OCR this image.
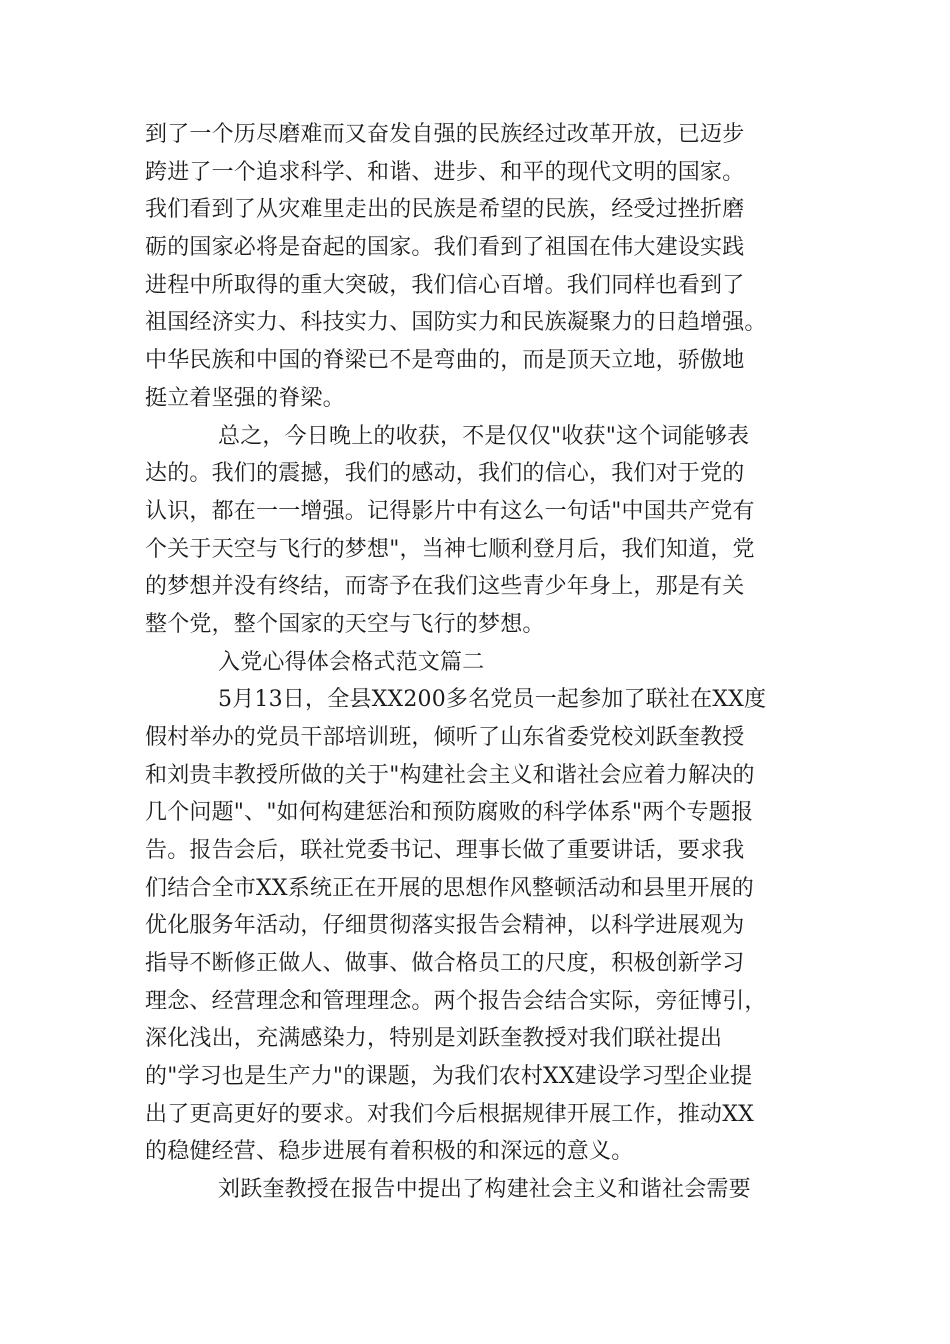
到了一个历尽磨难而又奋发自强的民族经过改革开放，已迈步
跨进了一个追求科学、和谐、进步、和平的现代文明的国家。
我们看到了从灾难里走出的民族是希望的民族，经受过挫折磨
砺的国家必将是奋起的国家。我们看到了祖国在伟大建设实践
进程中所取得的重大突破，我们信心百增。我们同样也看到了
祖国经济实力、科技实力、国防实力和民族凝聚力的日趋增强。
中华民族和中国的脊梁已不是弯曲的，而是顶天立地，骄傲地
挺立着坚强的脊梁。
总之，今日晚上的收获，不是仅仅"收获"这个词能够表
达的。我们的震撼，我们的感动，我们的信心，我们对于党的
认识，都在一一增强。记得影片中有这么一句话"中国共产党有
个关于天空与飞行的梦想"，当神七顺利登月后，我们知道，党
的梦想并没有终结，而寄予在我们这些青少年身上，那是有关
整个党，整个国家的天空与飞行的梦想。
入党心得体会格式范文篇二
5月13日，全县XX200多名党员一起参加了联社在XX度
假村举办的党员干部培训班，倾听了山东省委党校刘跃奎教授
和刘贵丰教授所做的关于"构建社会主义和谐社会应着力解决的
几个问题"、"如何构建惩治和预防腐败的科学体系"两个专题报
告。报告会后，联社党委书记、理事长做了重要讲话，要求我
们结合全市XX系统正在开展的思想作风整顿活动和县里开展的
优化服务年活动，仔细贯彻落实报告会精神，以科学进展观为
指导不断修正做人、做事、做合格员工的尺度，积极创新学习
理念、经营理念和管理理念。两个报告会结合实际，旁征博引，
深化浅出，充满感染力，特别是刘跃奎教授对我们联社提出
的"学习也是生产力"的课题，为我们农村XX建设学习型企业提
出了更高更好的要求。对我们今后根据规律开展工作，推动XX
的稳健经营、稳步进展有着积极的和深远的意义。
刘跃奎教授在报告中提出了构建社会主义和谐社会需要
